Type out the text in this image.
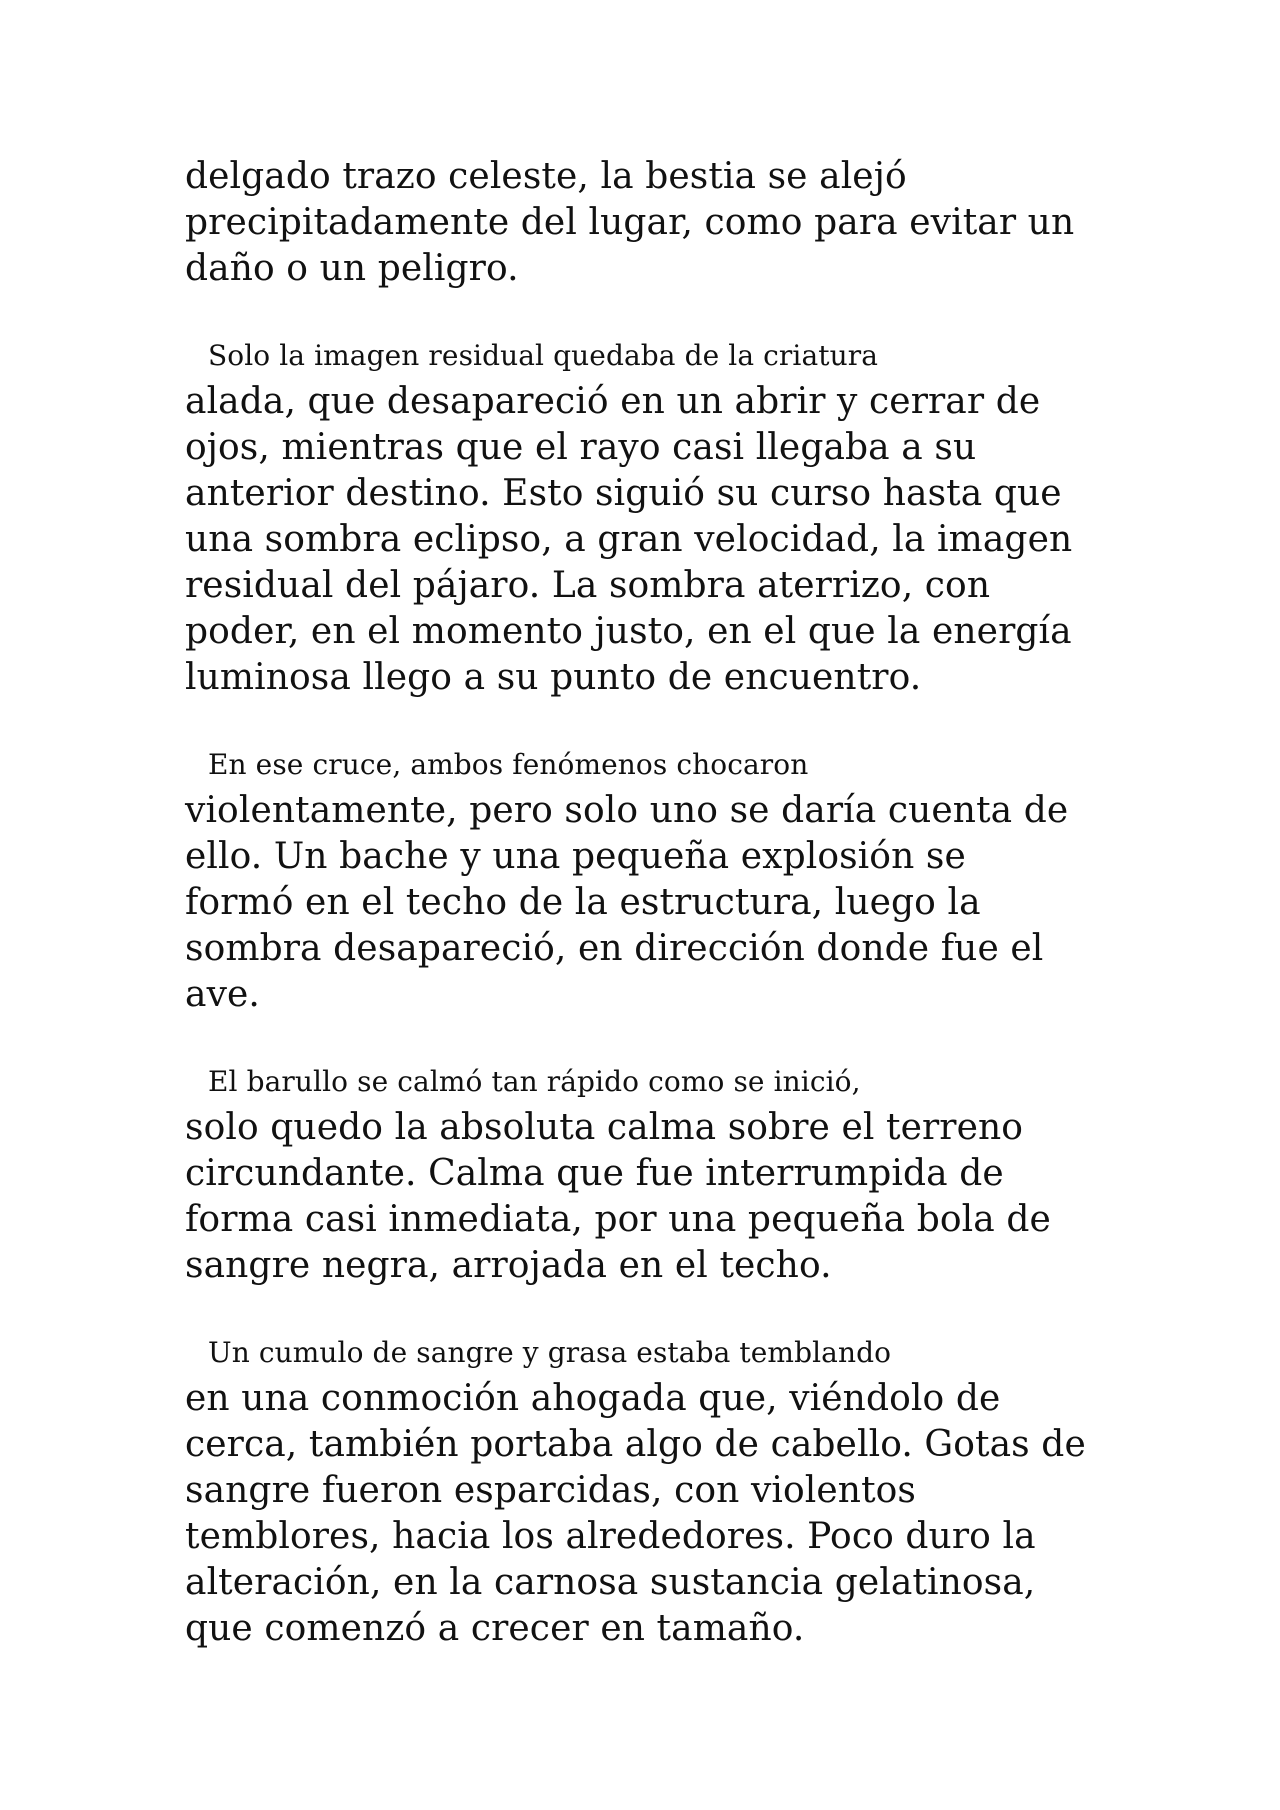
delgado trazo celeste, la bestia se alejó
precipitadamente del lugar, como para evitar un
daño o un peligro.

Solo la imagen residual quedaba de la criatura
alada, que desapareció en un abrir y cerrar de
ojos, mientras que el rayo casi llegaba a su
anterior destino. Esto siguió su curso hasta que
una sombra eclipso, a gran velocidad, la imagen
residual del pájaro. La sombra aterrizo, con
poder, en el momento justo, en el que la energía
luminosa llego a su punto de encuentro.

En ese cruce, ambos fenómenos chocaron
violentamente, pero solo uno se daría cuenta de
ello. Un bache y una pequeña explosión se
formó en el techo de la estructura, luego la
sombra desapareció, en dirección donde fue el
ave.

El barullo se calmó tan rápido como se inició,
solo quedo la absoluta calma sobre el terreno
circundante. Calma que fue interrumpida de
forma casi inmediata, por una pequeña bola de
sangre negra, arrojada en el techo.

Un cumulo de sangre y grasa estaba temblando
en una conmoción ahogada que, viéndolo de
cerca, también portaba algo de cabello. Gotas de
sangre fueron esparcidas, con violentos
temblores, hacia los alrededores. Poco duro la
alteración, en la carnosa sustancia gelatinosa,
que comenzó a crecer en tamaño.
